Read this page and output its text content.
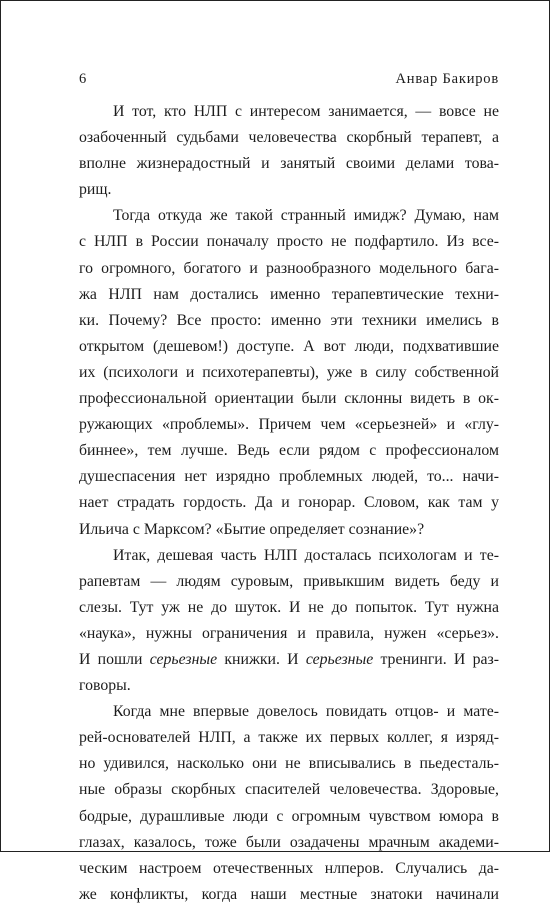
6	Анвар Бакиров
И тот, кто НЛП с интересом занимается, — вовсе не
озабоченный судьбами человечества скорбный терапевт, а
вполне жизнерадостный и занятый своими делами това-
рищ.
Тогда откуда же такой странный имидж? Думаю, нам
с НЛП в России поначалу просто не подфартило. Из все-
го огромного, богатого и разнообразного модельного бага-
жа НЛП нам достались именно терапевтические техни-
ки. Почему? Все просто: именно эти техники имелись в
открытом (дешевом!) доступе. А вот люди, подхватившие
их (психологи и психотерапевты), уже в силу собственной
профессиональной ориентации были склонны видеть в ок-
ружающих «проблемы». Причем чем «серьезней» и «глу-
биннее», тем лучше. Ведь если рядом с профессионалом
душеспасения нет изрядно проблемных людей, то... начи-
нает страдать гордость. Да и гонорар. Словом, как там у
Ильича с Марксом? «Бытие определяет сознание»?
Итак, дешевая часть НЛП досталась психологам и те-
рапевтам — людям суровым, привыкшим видеть беду и
слезы. Тут уж не до шуток. И не до попыток. Тут нужна
«наука», нужны ограничения и правила, нужен «серьез».
И пошли серьезные книжки. И серьезные тренинги. И раз-
говоры.
Когда мне впервые довелось повидать отцов- и мате-
рей-основателей НЛП, а также их первых коллег, я изряд-
но удивился, насколько они не вписывались в пьедесталь-
ные образы скорбных спасителей человечества. Здоровые,
бодрые, дурашливые люди с огромным чувством юмора в
глазах, казалось, тоже были озадачены мрачным академи-
ческим настроем отечественных нлперов. Случались да-
же конфликты, когда наши местные знатоки начинали
